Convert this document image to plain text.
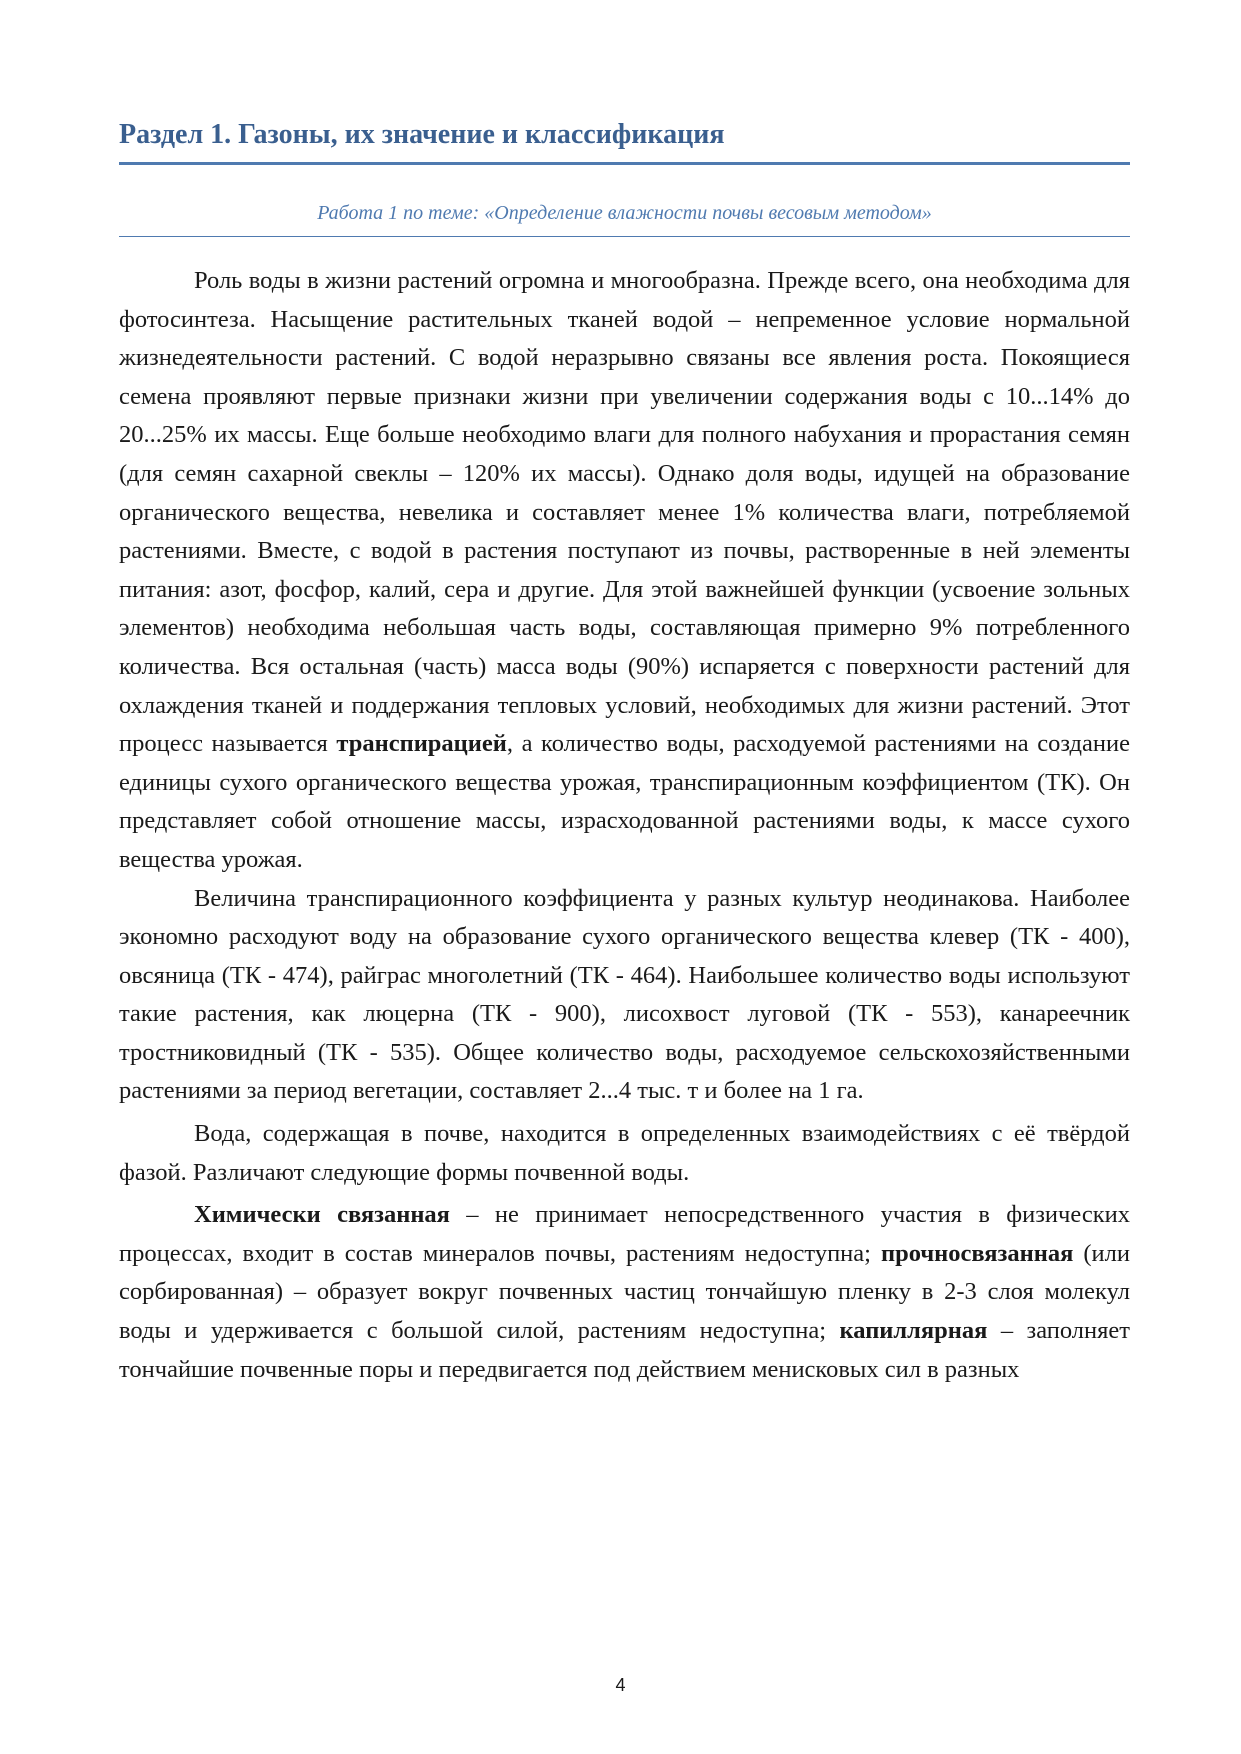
Раздел 1. Газоны, их значение и классификация
Работа 1 по теме: «Определение влажности почвы весовым методом»

Роль воды в жизни растений огромна и многообразна. Прежде всего, она необходима для фотосинтеза. Насыщение растительных тканей водой – непременное условие нормальной жизнедеятельности растений. С водой неразрывно связаны все явления роста. Покоящиеся семена проявляют первые признаки жизни при увеличении содержания воды с 10...14% до 20...25% их массы. Еще больше необходимо влаги для полного набухания и прорастания семян (для семян сахарной свеклы – 120% их массы). Однако доля воды, идущей на образование органического вещества, невелика и составляет менее 1% количества влаги, потребляемой растениями. Вместе, с водой в растения поступают из почвы, растворенные в ней элементы питания: азот, фосфор, калий, сера и другие. Для этой важнейшей функции (усвоение зольных элементов) необходима небольшая часть воды, составляющая примерно 9% потребленного количества. Вся остальная (часть) масса воды (90%) испаряется с поверхности растений для охлаждения тканей и поддержания тепловых условий, необходимых для жизни растений. Этот процесс называется транспирацией, а количество воды, расходуемой растениями на создание единицы сухого органического вещества урожая, транспирационным коэффициентом (ТК). Он представляет собой отношение массы, израсходованной растениями воды, к массе сухого вещества урожая.

Величина транспирационного коэффициента у разных культур неодинакова. Наиболее экономно расходуют воду на образование сухого органического вещества клевер (ТК - 400), овсяница (ТК - 474), райграс многолетний (ТК - 464). Наибольшее количество воды используют такие растения, как люцерна (ТК - 900), лисохвост луговой (ТК - 553), канареечник тростниковидный (ТК - 535). Общее количество воды, расходуемое сельскохозяйственными растениями за период вегетации, составляет 2...4 тыс. т и более на 1 га.

Вода, содержащая в почве, находится в определенных взаимодействиях с её твёрдой фазой. Различают следующие формы почвенной воды.

Химически связанная – не принимает непосредственного участия в физических процессах, входит в состав минералов почвы, растениям недоступна; прочносвязанная (или сорбированная) – образует вокруг почвенных частиц тончайшую пленку в 2-3 слоя молекул воды и удерживается с большой силой, растениям недоступна; капиллярная – заполняет тончайшие почвенные поры и передвигается под действием менисковых сил в разных

4
